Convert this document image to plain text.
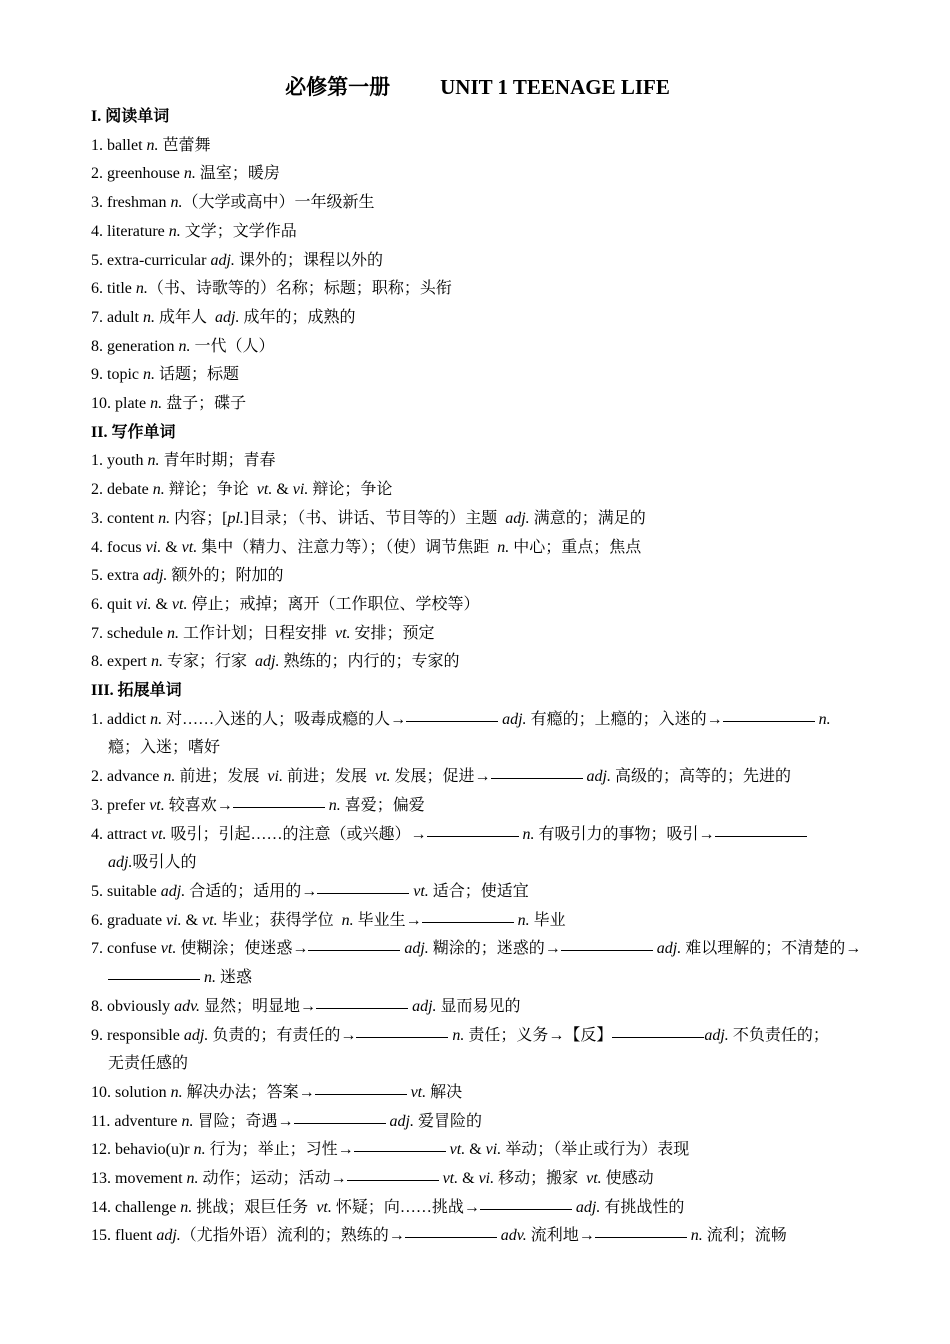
必修第一册 UNIT 1 TEENAGE LIFE
I. 阅读单词
1. ballet n. 芭蕾舞
2. greenhouse n. 温室；暖房
3. freshman n.（大学或高中）一年级新生
4. literature n. 文学；文学作品
5. extra-curricular adj. 课外的；课程以外的
6. title n.（书、诗歌等的）名称；标题；职称；头衔
7. adult n. 成年人 adj. 成年的；成熟的
8. generation n. 一代（人）
9. topic n. 话题；标题
10. plate n. 盘子；碟子
II. 写作单词
1. youth n. 青年时期；青春
2. debate n. 辩论；争论 vt. & vi. 辩论；争论
3. content n. 内容；[pl.]目录；（书、讲话、节目等的）主题 adj. 满意的；满足的
4. focus vi. & vt. 集中（精力、注意力等）；（使）调节焦距 n. 中心；重点；焦点
5. extra adj. 额外的；附加的
6. quit vi. & vt. 停止；戒掉；离开（工作职位、学校等）
7. schedule n. 工作计划；日程安排 vt. 安排；预定
8. expert n. 专家；行家 adj. 熟练的；内行的；专家的
III. 拓展单词
1. addict n. 对……入迷的人；吸毒成瘾的人→	adj. 有瘾的；上瘾的；入迷的→	n.
瘾；入迷；嗜好
2. advance n. 前进；发展 vi. 前进；发展 vt. 发展；促进→	adj. 高级的；高等的；先进的
3. prefer vt. 较喜欢→	n. 喜爱；偏爱
4. attract vt. 吸引；引起……的注意（或兴趣）→	n. 有吸引力的事物；吸引→
adj.吸引人的
5. suitable adj. 合适的；适用的→	vt. 适合；使适宜
6. graduate vi. & vt. 毕业；获得学位 n. 毕业生→	n. 毕业
7. confuse vt. 使糊涂；使迷惑→	adj. 糊涂的；迷惑的→	adj. 难以理解的；不清楚的→
n. 迷惑
8. obviously adv. 显然；明显地→	adj. 显而易见的
9. responsible adj. 负责的；有责任的→	n. 责任；义务→【反】	adj. 不负责任的；
无责任感的
10. solution n. 解决办法；答案→	vt. 解决
11. adventure n. 冒险；奇遇→	adj. 爱冒险的
12. behavio(u)r n. 行为；举止；习性→	vt. & vi. 举动；（举止或行为）表现
13. movement n. 动作；运动；活动→	vt. & vi. 移动；搬家 vt. 使感动
14. challenge n. 挑战；艰巨任务 vt. 怀疑；向……挑战→	adj. 有挑战性的
15. fluent adj.（尤指外语）流利的；熟练的→	adv. 流利地→	n. 流利；流畅
